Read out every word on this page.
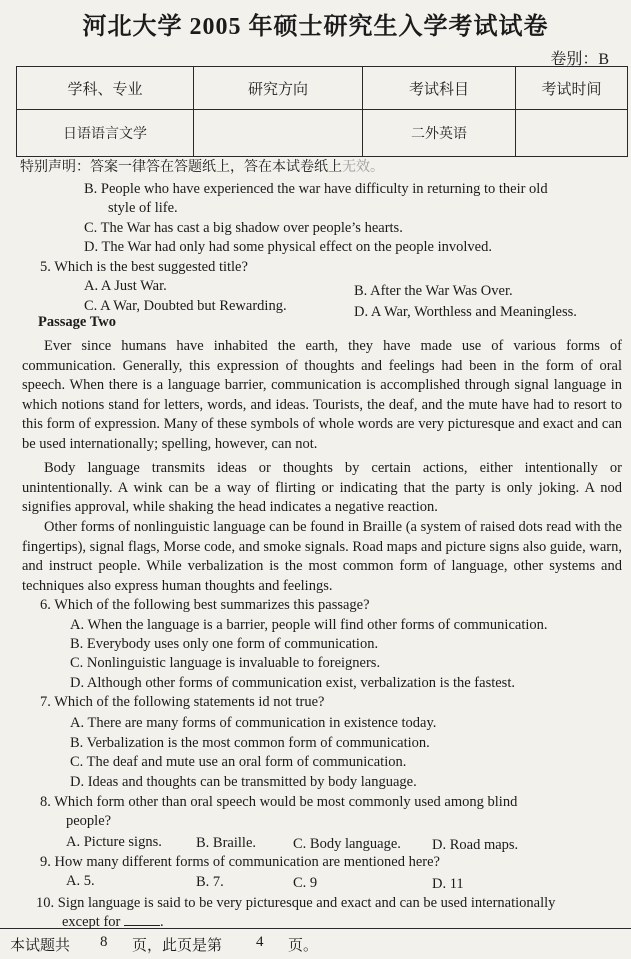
河北大学 2005 年硕士研究生入学考试试卷
卷别：B
学科、专业	研究方向	考试科目	考试时间
日语语言文学		二外英语	
特别声明：答案一律答在答题纸上，答在本试卷纸上无效。
B. People who have experienced the war have difficulty in returning to their old
style of life.
C. The War has cast a big shadow over people’s hearts.
D. The War had only had some physical effect on the people involved.
5. Which is the best suggested title?
A. A Just War.	B. After the War Was Over.
C. A War, Doubted but Rewarding.	D. A War, Worthless and Meaningless.
Passage Two
Ever since humans have inhabited the earth, they have made use of various forms of communication. Generally, this expression of thoughts and feelings had been in the form of oral speech. When there is a language barrier, communication is accomplished through signal language in which notions stand for letters, words, and ideas. Tourists, the deaf, and the mute have had to resort to this form of expression. Many of these symbols of whole words are very picturesque and exact and can be used internationally; spelling, however, can not.
Body language transmits ideas or thoughts by certain actions, either intentionally or unintentionally. A wink can be a way of flirting or indicating that the party is only joking. A nod signifies approval, while shaking the head indicates a negative reaction.
Other forms of nonlinguistic language can be found in Braille (a system of raised dots read with the fingertips), signal flags, Morse code, and smoke signals. Road maps and picture signs also guide, warn, and instruct people. While verbalization is the most common form of language, other systems and techniques also express human thoughts and feelings.
6. Which of the following best summarizes this passage?
A. When the language is a barrier, people will find other forms of communication.
B. Everybody uses only one form of communication.
C. Nonlinguistic language is invaluable to foreigners.
D. Although other forms of communication exist, verbalization is the fastest.
7. Which of the following statements id not true?
A. There are many forms of communication in existence today.
B. Verbalization is the most common form of communication.
C. The deaf and mute use an oral form of communication.
D. Ideas and thoughts can be transmitted by body language.
8. Which form other than oral speech would be most commonly used among blind
people?
A. Picture signs. B. Braille.	C. Body language. D. Road maps.
9. How many different forms of communication are mentioned here?
A. 5.	B. 7.	C. 9	D. 11
10. Sign language is said to be very picturesque and exact and can be used internationally
except for	.
本试题共 8 页，此页是第 4 页。
